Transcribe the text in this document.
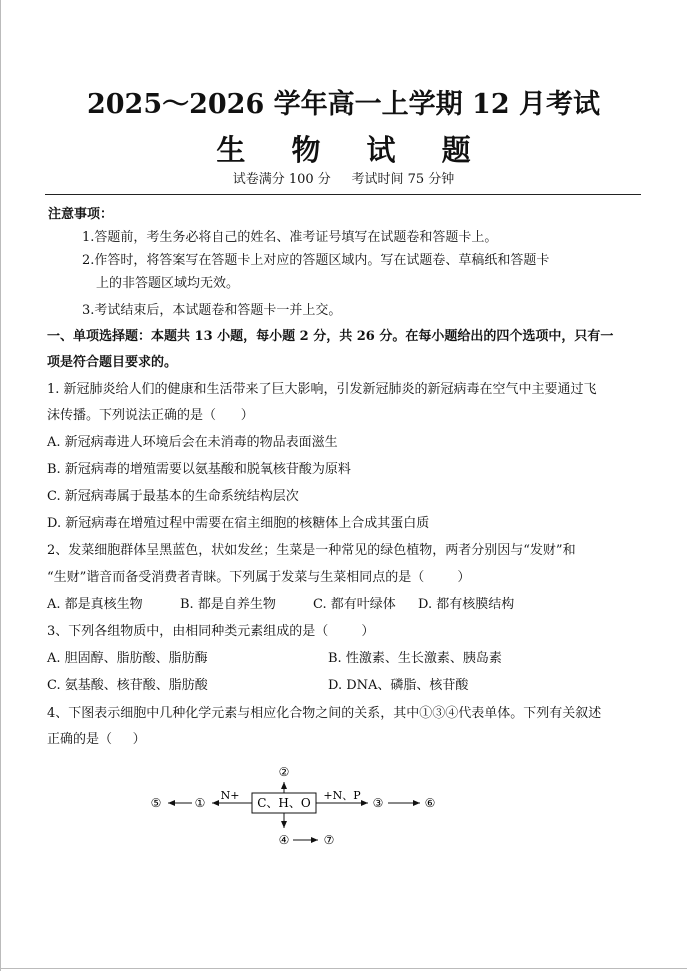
2025～2026 学年高一上学期 12 月考试
生 物 试 题
试卷满分 100 分     考试时间 75 分钟
注意事项：
1.答题前，考生务必将自己的姓名、准考证号填写在试题卷和答题卡上。
2.作答时，将答案写在答题卡上对应的答题区域内。写在试题卷、草稿纸和答题卡
上的非答题区域均无效。
3.考试结束后，本试题卷和答题卡一并上交。
一、单项选择题：本题共 13 小题，每小题 2 分，共 26 分。在每小题给出的四个选项中，只有一
项是符合题目要求的。
1. 新冠肺炎给人们的健康和生活带来了巨大影响，引发新冠肺炎的新冠病毒在空气中主要通过飞
沫传播。下列说法正确的是（      ）
A. 新冠病毒进人环境后会在未消毒的物品表面滋生
B. 新冠病毒的增殖需要以氨基酸和脱氧核苷酸为原料
C. 新冠病毒属于最基本的生命系统结构层次
D. 新冠病毒在增殖过程中需要在宿主细胞的核糖体上合成其蛋白质
2、发菜细胞群体呈黑蓝色，状如发丝；生菜是一种常见的绿色植物，两者分别因与“发财”和
“生财”谐音而备受消费者青睐。下列属于发菜与生菜相同点的是（        ）
A. 都是真核生物	B. 都是自养生物	C. 都有叶绿体 D. 都有核膜结构
3、下列各组物质中，由相同种类元素组成的是（        ）
A. 胆固醇、脂肪酸、脂肪酶	B. 性激素、生长激素、胰岛素
C. 氨基酸、核苷酸、脂肪酸	D. DNA、磷脂、核苷酸
4、下图表示细胞中几种化学元素与相应化合物之间的关系，其中①③④代表单体。下列有关叙述
正确的是（     ）
C、H、O
②
N+
①
⑤
+N、P
③	⑥
④	⑦
